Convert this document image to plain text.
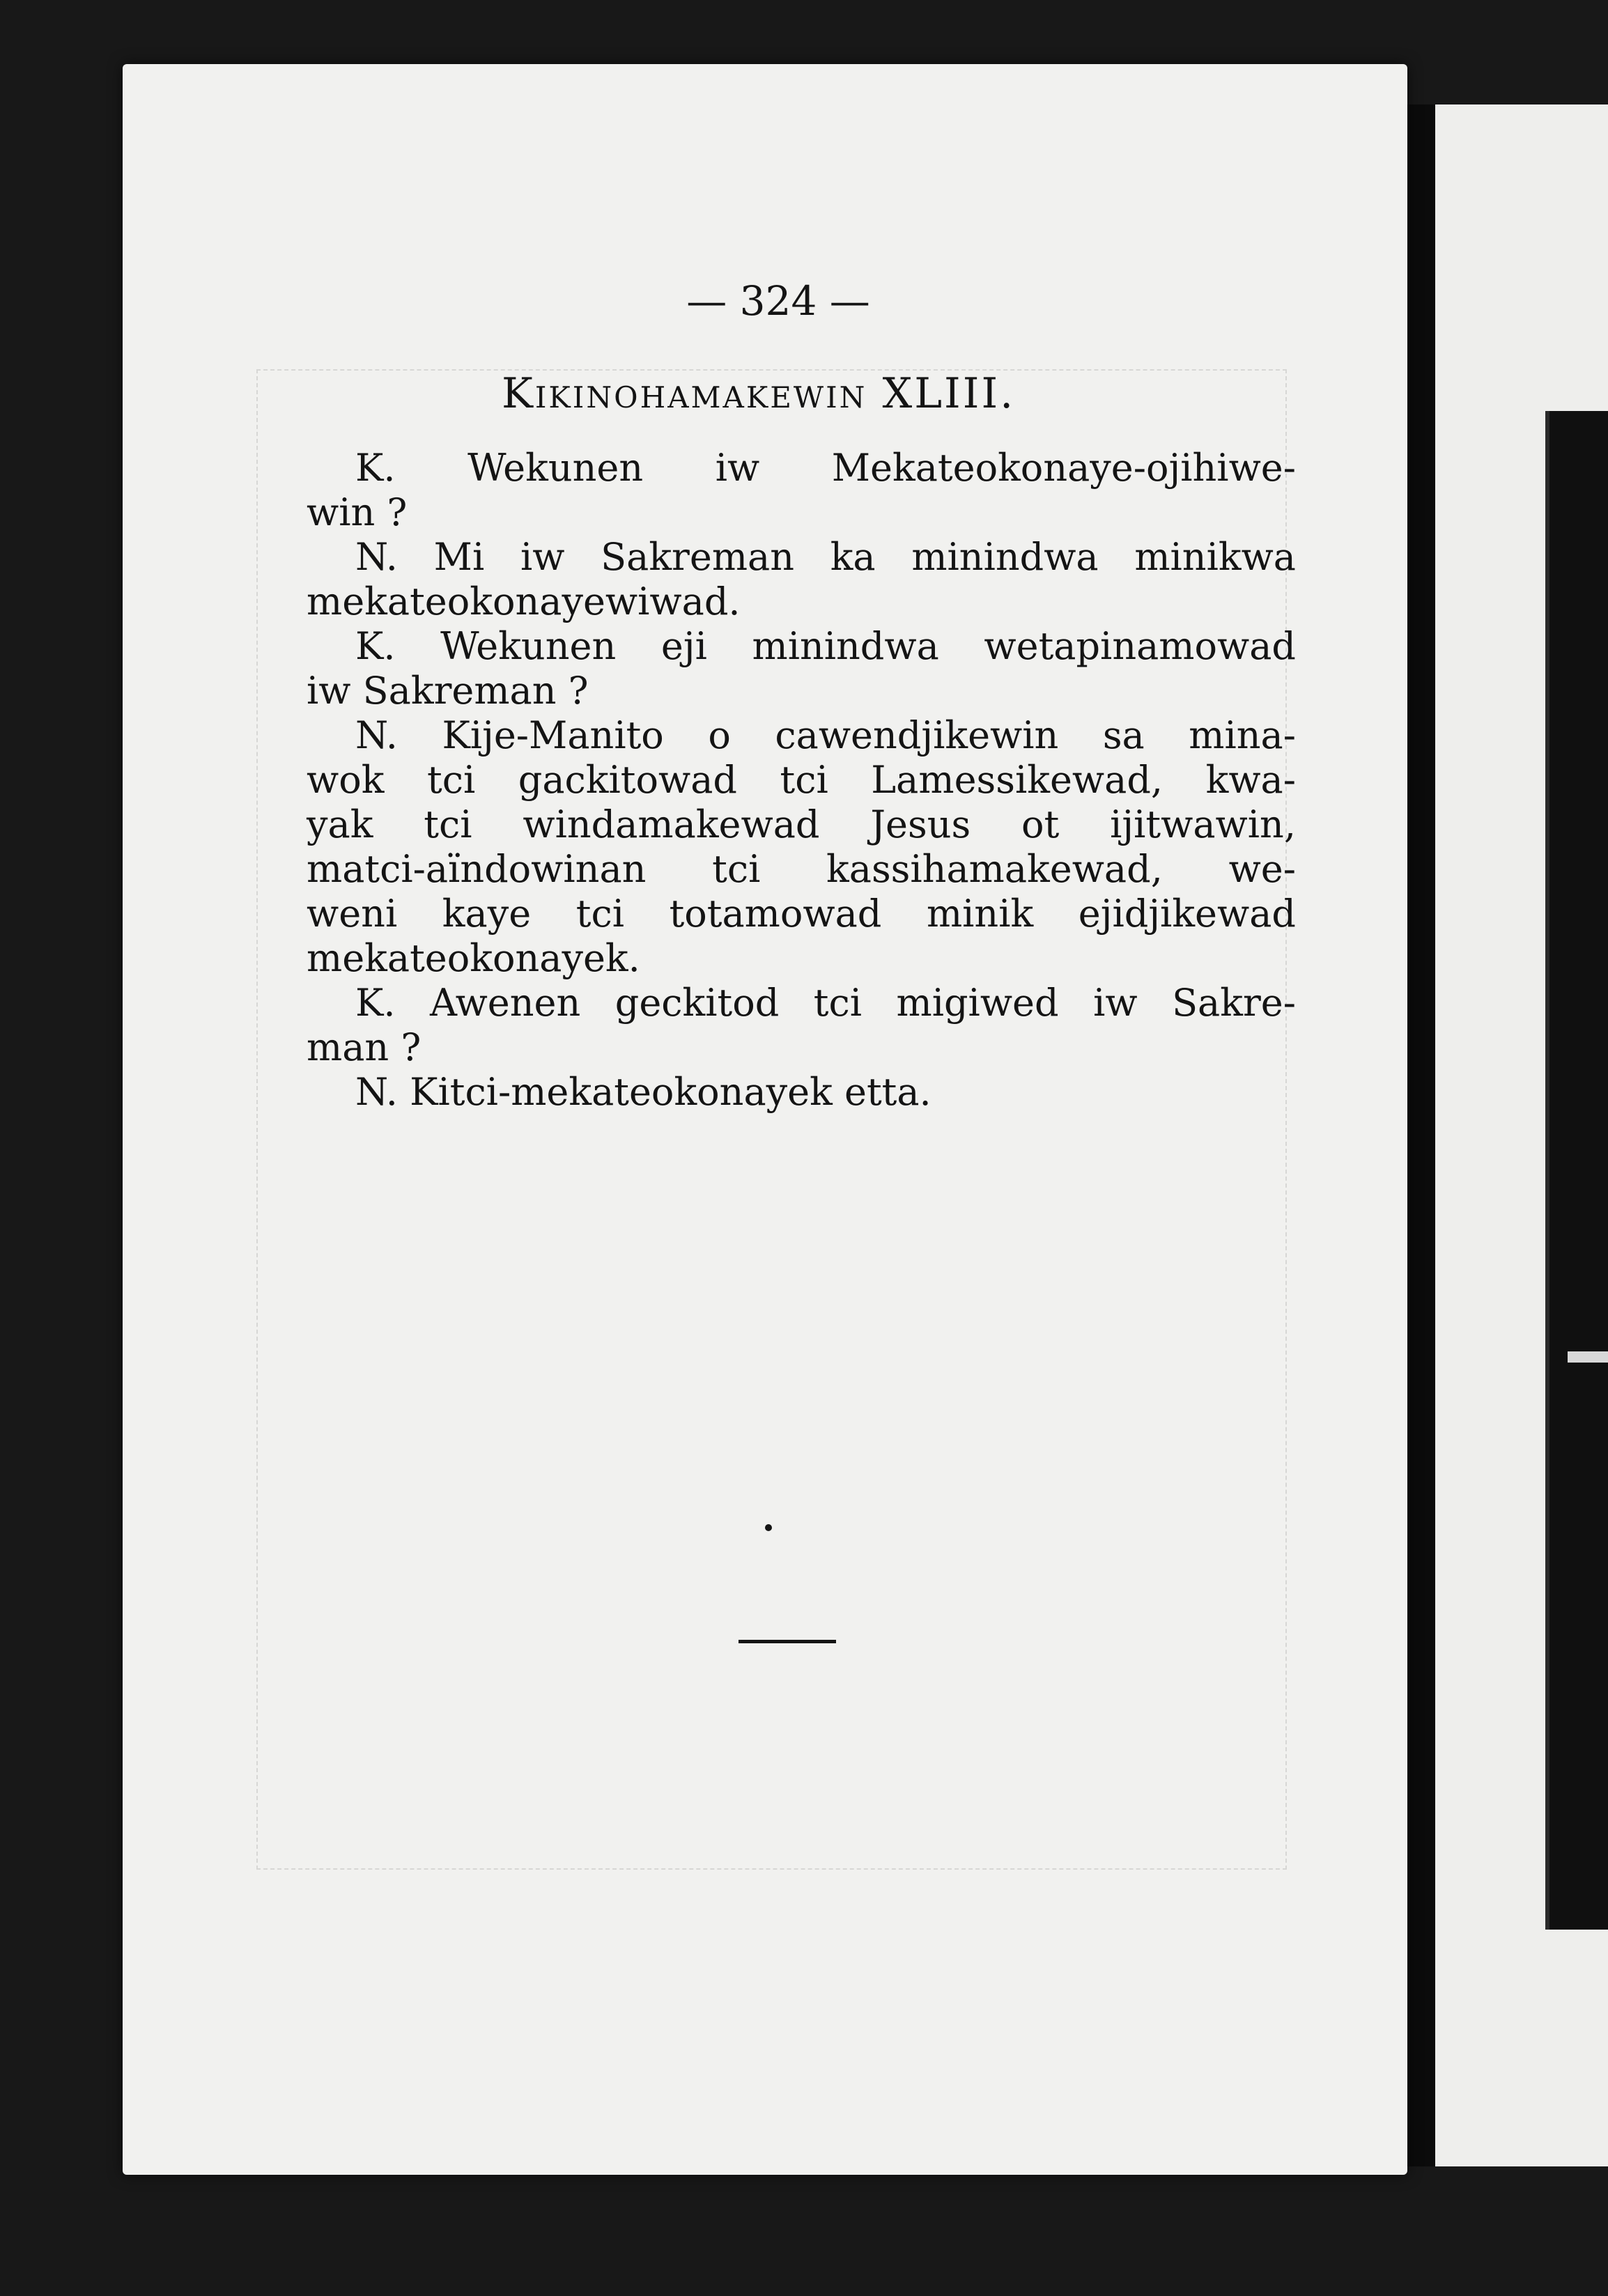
— 324 —
Kikinohamakewin XLIII.
K. Wekunen iw Mekateokonaye-ojihiwe-
win ?
N. Mi iw Sakreman ka minindwa minikwa
mekateokonayewiwad.
K. Wekunen eji minindwa wetapinamowad
iw Sakreman ?
N. Kije-Manito o cawendjikewin sa mina-
wok tci gackitowad tci Lamessikewad, kwa-
yak tci windamakewad Jesus ot ijitwawin,
matci-aïndowinan tci kassihamakewad, we-
weni kaye tci totamowad minik ejidjikewad
mekateokonayek.
K. Awenen geckitod tci migiwed iw Sakre-
man ?
N. Kitci-mekateokonayek etta.
